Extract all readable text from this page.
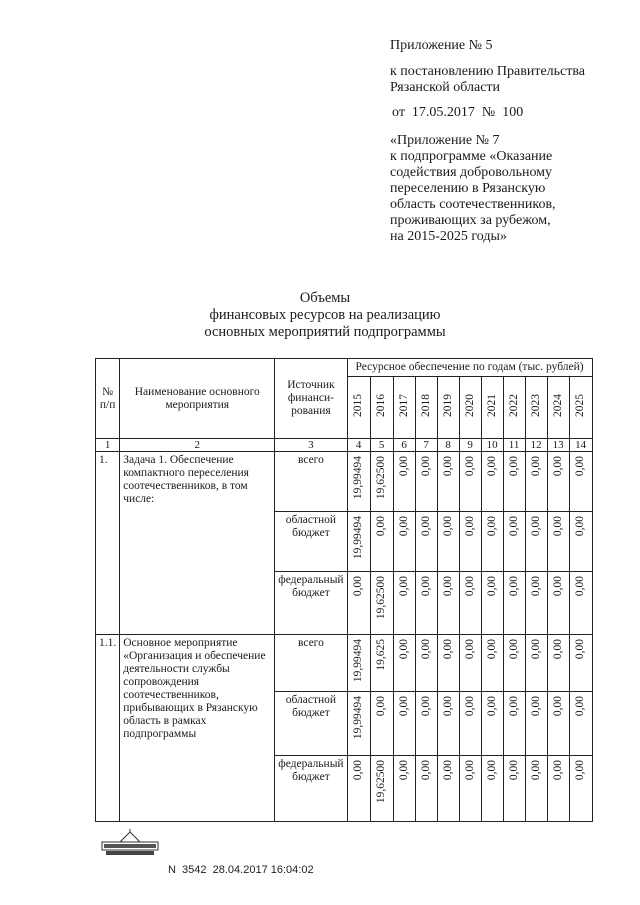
Приложение № 5
к постановлению Правительства
Рязанской области
от  17.05.2017  №  100
«Приложение № 7
к подпрограмме «Оказание
содействия добровольному
переселению в Рязанскую
область соотечественников,
проживающих за рубежом,
на 2015-2025 годы»
Объемы
финансовых ресурсов на реализацию
основных мероприятий подпрограммы
№
п/п	Наименование основного мероприятия	Источник финанси-рования	Ресурсное обеспечение по годам (тыс. рублей)										
			2015	2016	2017	2018	2019	2020	2021	2022	2023	2024	2025
1	2	3	4	5	6	7	8	9	10	11	12	13	14
1.	Задача 1. Обеспечение компактного переселения соотечественников, в том числе:	всего	19,99494	19,62500	0,00	0,00	0,00	0,00	0,00	0,00	0,00	0,00	0,00
		областной бюджет	19,99494	0,00	0,00	0,00	0,00	0,00	0,00	0,00	0,00	0,00	0,00
		федеральный бюджет	0,00	19,62500	0,00	0,00	0,00	0,00	0,00	0,00	0,00	0,00	0,00
1.1.	Основное мероприятие «Организация и обеспечение деятельности службы сопровождения соотечественников, прибывающих в Рязанскую область в рамках подпрограммы	всего	19,99494	19,625	0,00	0,00	0,00	0,00	0,00	0,00	0,00	0,00	0,00
		областной бюджет	19,99494	0,00	0,00	0,00	0,00	0,00	0,00	0,00	0,00	0,00	0,00
		федеральный бюджет	0,00	19,62500	0,00	0,00	0,00	0,00	0,00	0,00	0,00	0,00	0,00
N  3542  28.04.2017 16:04:02
